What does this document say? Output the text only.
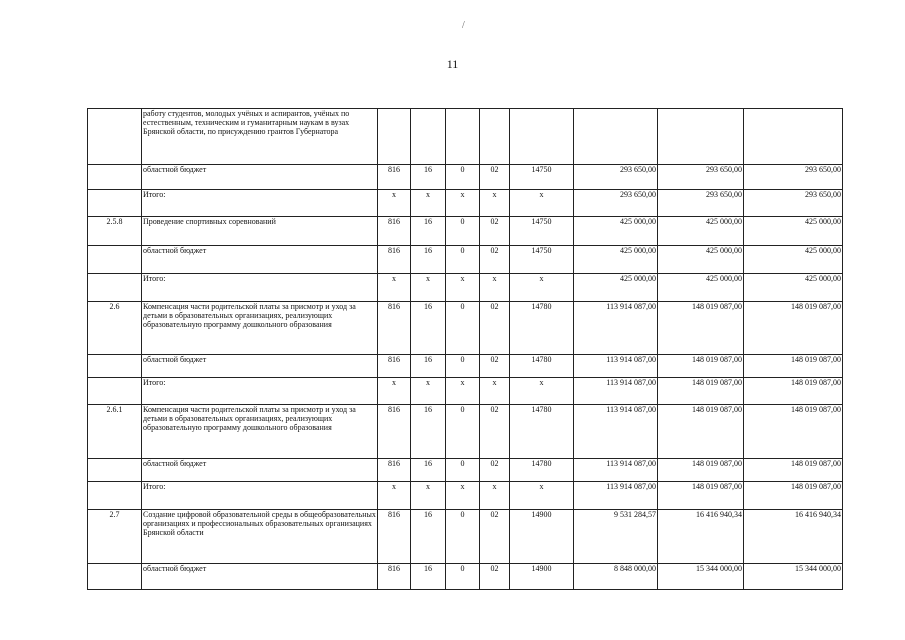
/
11
	работу студентов, молодых учёных и аспирантов, учёных по естественным, техническим и гуманитарным наукам в вузах Брянской области, по присуждению грантов Губернатора								
	областной бюджет	816	16	0	02	14750	293 650,00	293 650,00	293 650,00
	Итого:	х	х	х	х	х	293 650,00	293 650,00	293 650,00
2.5.8	Проведение спортивных соревнований	816	16	0	02	14750	425 000,00	425 000,00	425 000,00
	областной бюджет	816	16	0	02	14750	425 000,00	425 000,00	425 000,00
	Итого:	х	х	х	х	х	425 000,00	425 000,00	425 000,00
2.6	Компенсация части родительской платы за присмотр и уход за детьми в образовательных организациях, реализующих образовательную программу дошкольного образования	816	16	0	02	14780	113 914 087,00	148 019 087,00	148 019 087,00
	областной бюджет	816	16	0	02	14780	113 914 087,00	148 019 087,00	148 019 087,00
	Итого:	х	х	х	х	х	113 914 087,00	148 019 087,00	148 019 087,00
2.6.1	Компенсация части родительской платы за присмотр и уход за детьми в образовательных организациях, реализующих образовательную программу дошкольного образования	816	16	0	02	14780	113 914 087,00	148 019 087,00	148 019 087,00
	областной бюджет	816	16	0	02	14780	113 914 087,00	148 019 087,00	148 019 087,00
	Итого:	х	х	х	х	х	113 914 087,00	148 019 087,00	148 019 087,00
2.7	Создание цифровой образовательной среды в общеобразовательных организациях и профессиональных образовательных организациях Брянской области	816	16	0	02	14900	9 531 284,57	16 416 940,34	16 416 940,34
	областной бюджет	816	16	0	02	14900	8 848 000,00	15 344 000,00	15 344 000,00
